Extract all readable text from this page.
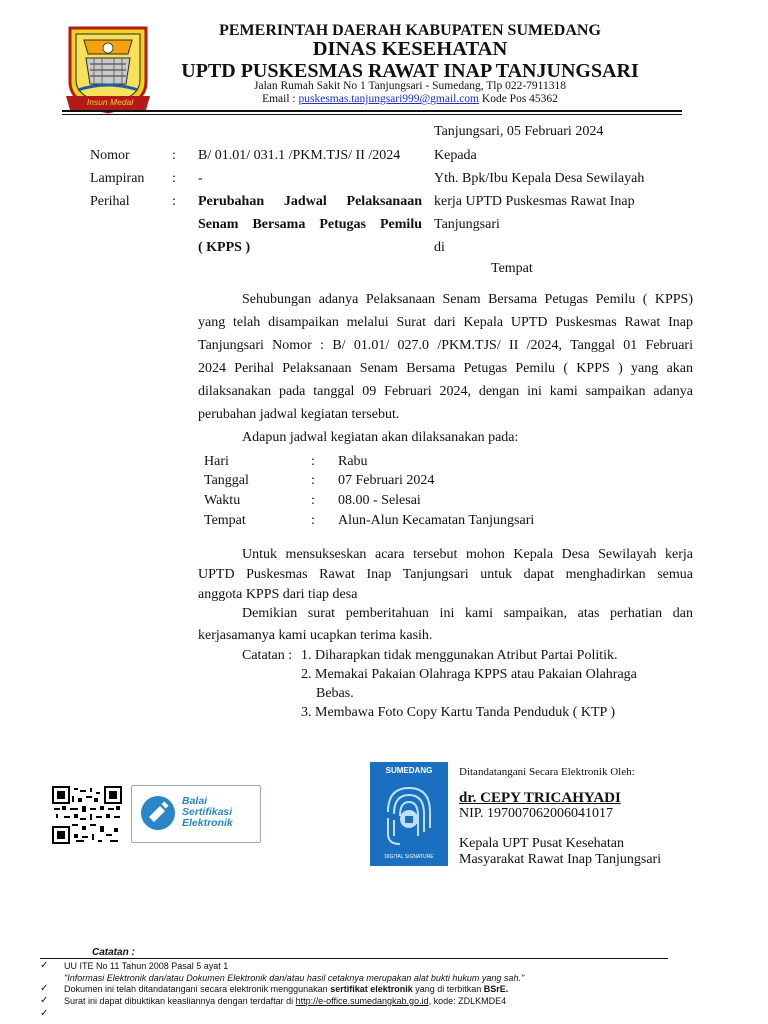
Insun Medal
PEMERINTAH DAERAH KABUPATEN SUMEDANG
DINAS KESEHATAN
UPTD PUSKESMAS RAWAT INAP TANJUNGSARI
Jalan Rumah Sakit No 1 Tanjungsari - Sumedang, Tlp 022-7911318
Email : puskesmas.tanjungsari999@gmail.com Kode Pos 45362
Tanjungsari, 05 Februari 2024
Nomor	: B/ 01.01/ 031.1 /PKM.TJS/ II /2024
Lampiran : -
Perihal	: Perubahan Jadwal Pelaksanaan
Senam Bersama Petugas Pemilu
( KPPS )
Kepada
Yth. Bpk/Ibu Kepala Desa Sewilayah
kerja UPTD Puskesmas Rawat Inap
Tanjungsari
di
Tempat
Sehubungan adanya Pelaksanaan Senam Bersama Petugas Pemilu ( KPPS)
yang telah disampaikan melalui Surat dari Kepala UPTD Puskesmas Rawat Inap
Tanjungsari Nomor : B/ 01.01/ 027.0 /PKM.TJS/ II /2024, Tanggal 01 Februari
2024 Perihal Pelaksanaan Senam Bersama Petugas Pemilu ( KPPS ) yang akan
dilaksanakan pada tanggal 09 Februari 2024, dengan ini kami sampaikan adanya
perubahan jadwal kegiatan tersebut.
Adapun jadwal kegiatan akan dilaksanakan pada:
Hari	: Rabu
Tanggal	: 07 Februari 2024
Waktu	: 08.00 - Selesai
Tempat	: Alun-Alun Kecamatan Tanjungsari
Untuk mensukseskan acara tersebut mohon Kepala Desa Sewilayah kerja
UPTD Puskesmas Rawat Inap Tanjungsari untuk dapat menghadirkan semua
anggota KPPS dari tiap desa
Demikian surat pemberitahuan ini kami sampaikan, atas perhatian dan
kerjasamanya kami ucapkan terima kasih.
Catatan : 1. Diharapkan tidak menggunakan Atribut Partai Politik.
2. Memakai Pakaian Olahraga KPPS atau Pakaian Olahraga
Bebas.
3. Membawa Foto Copy Kartu Tanda Penduduk ( KTP )
Balai
Sertifikasi
Elektronik
SUMEDANG
DIGITAL SIGNATURE
Ditandatangani Secara Elektronik Oleh:
dr. CEPY TRICAHYADI
NIP. 197007062006041017
Kepala UPT Pusat Kesehatan
Masyarakat Rawat Inap Tanjungsari
Catatan :
✓ UU ITE No 11 Tahun 2008 Pasal 5 ayat 1
"Informasi Elektronik dan/atau Dokumen Elektronik dan/atau hasil cetaknya merupakan alat bukti hukum yang sah."
✓ Dokumen ini telah ditandatangani secara elektronik menggunakan sertifikat elektronik yang di terbitkan BSrE.
✓ Surat ini dapat dibuktikan keasliannya dengan terdaftar di http://e-office.sumedangkab.go.id, kode: ZDLKMDE4
✓
